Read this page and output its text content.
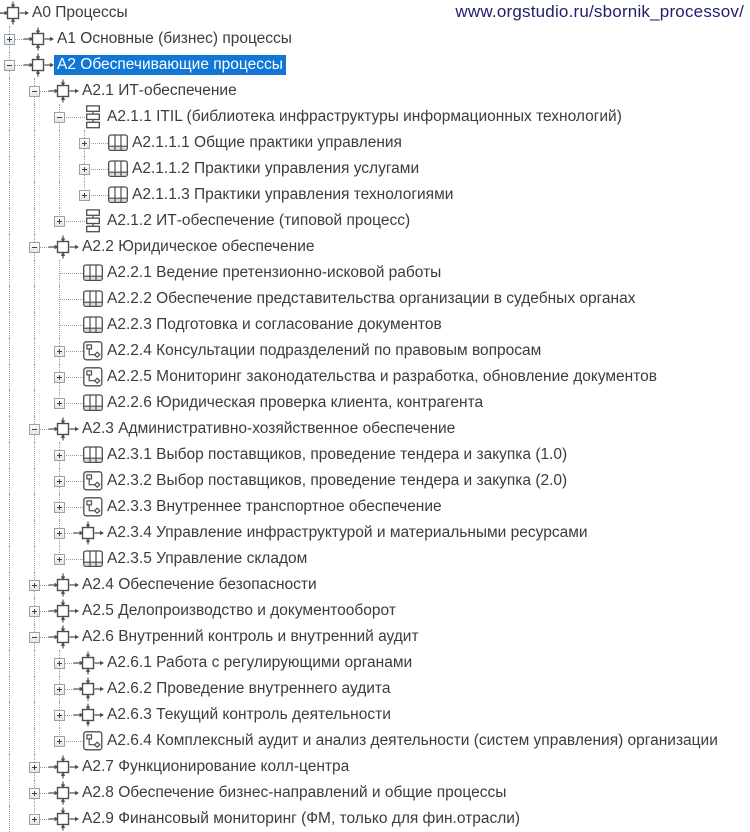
www.orgstudio.ru/sbornik_processov/
A0 Процессы
A1 Основные (бизнес) процессы
A2 Обеспечивающие процессы
A2.1 ИТ-обеспечение
A2.1.1 ITIL (библиотека инфраструктуры информационных технологий)
A2.1.1.1 Общие практики управления
A2.1.1.2 Практики управления услугами
A2.1.1.3 Практики управления технологиями
A2.1.2 ИТ-обеспечение (типовой процесс)
A2.2 Юридическое обеспечение
A2.2.1 Ведение претензионно-исковой работы
A2.2.2 Обеспечение представительства организации в судебных органах
A2.2.3 Подготовка и согласование документов
A2.2.4 Консультации подразделений по правовым вопросам
A2.2.5 Мониторинг законодательства и разработка, обновление документов
A2.2.6 Юридическая проверка клиента, контрагента
A2.3 Административно-хозяйственное обеспечение
A2.3.1 Выбор поставщиков, проведение тендера и закупка (1.0)
A2.3.2 Выбор поставщиков, проведение тендера и закупка (2.0)
A2.3.3 Внутреннее транспортное обеспечение
A2.3.4 Управление инфраструктурой и материальными ресурсами
A2.3.5 Управление складом
A2.4 Обеспечение безопасности
A2.5 Делопроизводство и документооборот
A2.6 Внутренний контроль и внутренний аудит
A2.6.1 Работа с регулирующими органами
A2.6.2 Проведение внутреннего аудита
A2.6.3 Текущий контроль деятельности
A2.6.4 Комплексный аудит и анализ деятельности (систем управления) организации
A2.7 Функционирование колл-центра
A2.8 Обеспечение бизнес-направлений и общие процессы
A2.9 Финансовый мониторинг (ФМ, только для фин.отрасли)
